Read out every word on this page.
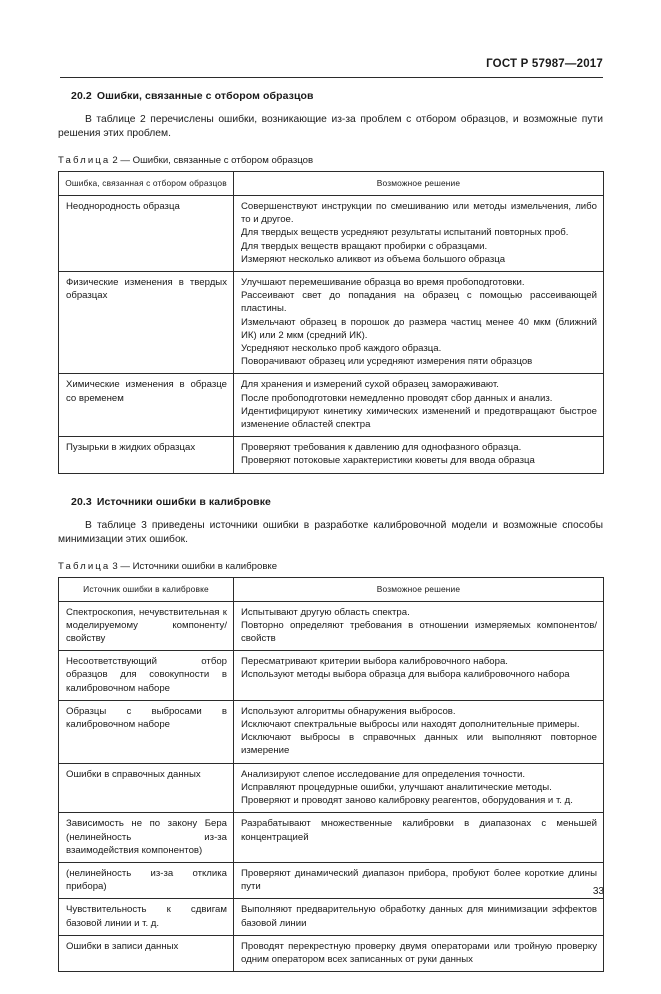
ГОСТ Р 57987—2017
20.2 Ошибки, связанные с отбором образцов

В таблице 2 перечислены ошибки, возникающие из-за проблем с отбором образцов, и возможные пути решения этих проблем.

Таблица 2 — Ошибки, связанные с отбором образцов
Ошибка, связанная с отбором образцов	Возможное решение

Неоднородность образца	Совершенствуют инструкции по смешиванию или методы измельчения, либо то и другое.
Для твердых веществ усредняют результаты испытаний повторных проб.
Для твердых веществ вращают пробирки с образцами.
Измеряют несколько аликвот из объема большого образца

Физические изменения в твердых образцах	Улучшают перемешивание образца во время пробоподготовки.
Рассеивают свет до попадания на образец с помощью рассеивающей пластины.
Измельчают образец в порошок до размера частиц менее 40 мкм (ближний ИК) или 2 мкм (средний ИК).
Усредняют несколько проб каждого образца.
Поворачивают образец или усредняют измерения пяти образцов

Химические изменения в образце со временем	Для хранения и измерений сухой образец замораживают.
После пробоподготовки немедленно проводят сбор данных и анализ.
Идентифицируют кинетику химических изменений и предотвращают быстрое изменение областей спектра

Пузырьки в жидких образцах	Проверяют требования к давлению для однофазного образца.
Проверяют потоковые характеристики кюветы для ввода образца
20.3 Источники ошибки в калибровке

В таблице 3 приведены источники ошибки в разработке калибровочной модели и возможные способы минимизации этих ошибок.

Таблица 3 — Источники ошибки в калибровке
Источник ошибки в калибровке	Возможное решение

Спектроскопия, нечувствительная к моделируемому компоненту/свойству	Испытывают другую область спектра.
Повторно определяют требования в отношении измеряемых компонентов/свойств

Несоответствующий отбор образцов для совокупности в калибровочном наборе	Пересматривают критерии выбора калибровочного набора.
Используют методы выбора образца для выбора калибровочного набора

Образцы с выбросами в калибровочном наборе	Используют алгоритмы обнаружения выбросов.
Исключают спектральные выбросы или находят дополнительные примеры.
Исключают выбросы в справочных данных или выполняют повторное измерение

Ошибки в справочных данных	Анализируют слепое исследование для определения точности.
Исправляют процедурные ошибки, улучшают аналитические методы.
Проверяют и проводят заново калибровку реагентов, оборудования и т. д.

Зависимость не по закону Бера (нелинейность из-за взаимодействия компонентов)	Разрабатывают множественные калибровки в диапазонах с меньшей концентрацией

(нелинейность из-за отклика прибора)	Проверяют динамический диапазон прибора, пробуют более короткие длины пути

Чувствительность к сдвигам базовой линии и т. д.	Выполняют предварительную обработку данных для минимизации эффектов базовой линии

Ошибки в записи данных	Проводят перекрестную проверку двумя операторами или тройную проверку одним оператором всех записанных от руки данных
33
